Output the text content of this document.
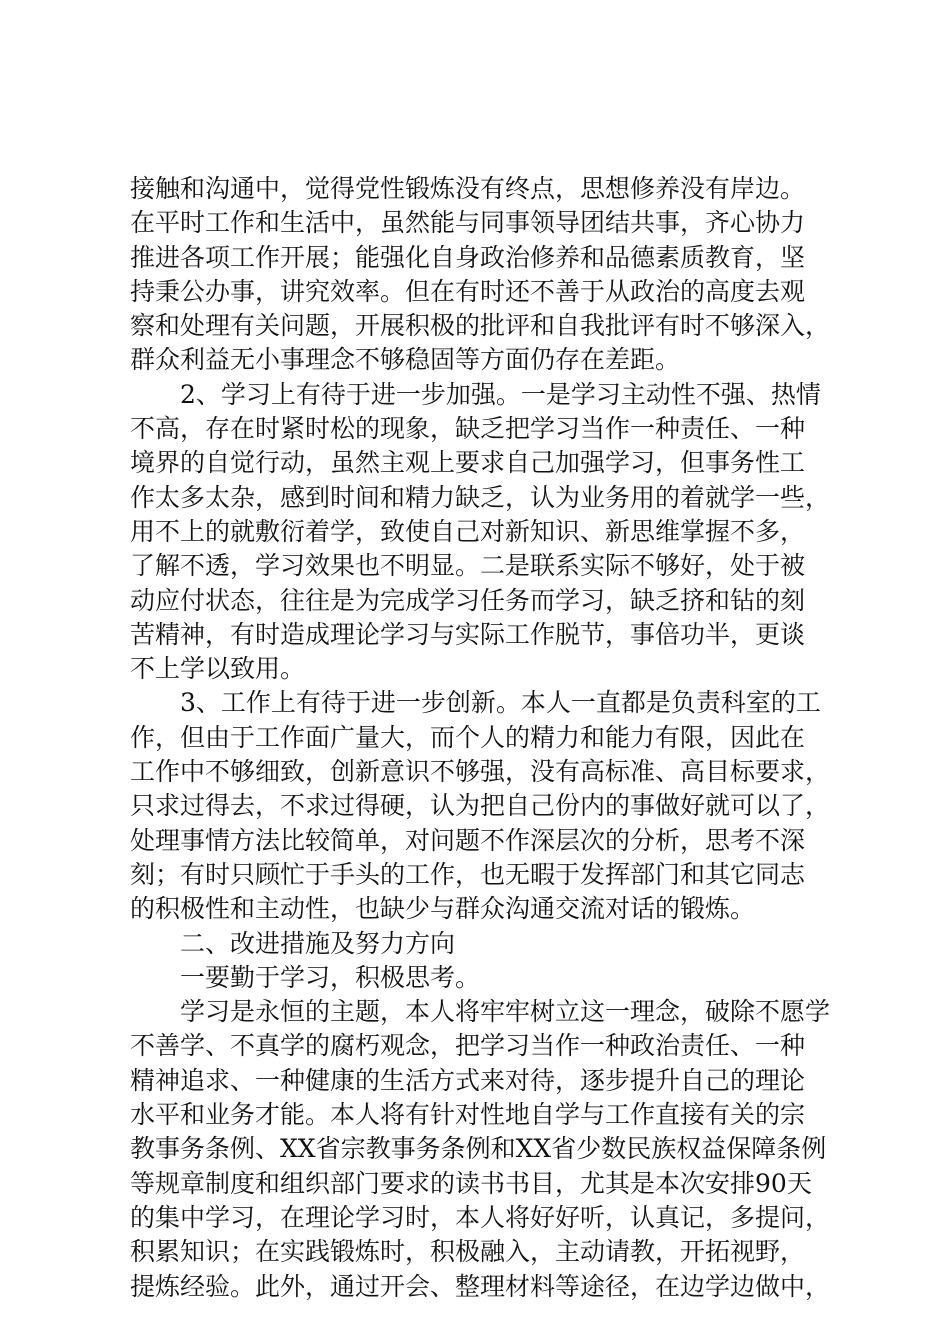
接触和沟通中，觉得党性锻炼没有终点，思想修养没有岸边。
在平时工作和生活中，虽然能与同事领导团结共事，齐心协力
推进各项工作开展；能强化自身政治修养和品德素质教育，坚
持秉公办事，讲究效率。但在有时还不善于从政治的高度去观
察和处理有关问题，开展积极的批评和自我批评有时不够深入，
群众利益无小事理念不够稳固等方面仍存在差距。
2、学习上有待于进一步加强。一是学习主动性不强、热情
不高，存在时紧时松的现象，缺乏把学习当作一种责任、一种
境界的自觉行动，虽然主观上要求自己加强学习，但事务性工
作太多太杂，感到时间和精力缺乏，认为业务用的着就学一些，
用不上的就敷衍着学，致使自己对新知识、新思维掌握不多，
了解不透，学习效果也不明显。二是联系实际不够好，处于被
动应付状态，往往是为完成学习任务而学习，缺乏挤和钻的刻
苦精神，有时造成理论学习与实际工作脱节，事倍功半，更谈
不上学以致用。
3、工作上有待于进一步创新。本人一直都是负责科室的工
作，但由于工作面广量大，而个人的精力和能力有限，因此在
工作中不够细致，创新意识不够强，没有高标准、高目标要求，
只求过得去，不求过得硬，认为把自己份内的事做好就可以了，
处理事情方法比较简单，对问题不作深层次的分析，思考不深
刻；有时只顾忙于手头的工作，也无暇于发挥部门和其它同志
的积极性和主动性，也缺少与群众沟通交流对话的锻炼。
二、改进措施及努力方向
一要勤于学习，积极思考。
学习是永恒的主题，本人将牢牢树立这一理念，破除不愿学
不善学、不真学的腐朽观念，把学习当作一种政治责任、一种
精神追求、一种健康的生活方式来对待，逐步提升自己的理论
水平和业务才能。本人将有针对性地自学与工作直接有关的宗
教事务条例、XX省宗教事务条例和XX省少数民族权益保障条例
等规章制度和组织部门要求的读书书目，尤其是本次安排90天
的集中学习，在理论学习时，本人将好好听，认真记，多提问，
积累知识；在实践锻炼时，积极融入，主动请教，开拓视野，
提炼经验。此外，通过开会、整理材料等途径，在边学边做中，
